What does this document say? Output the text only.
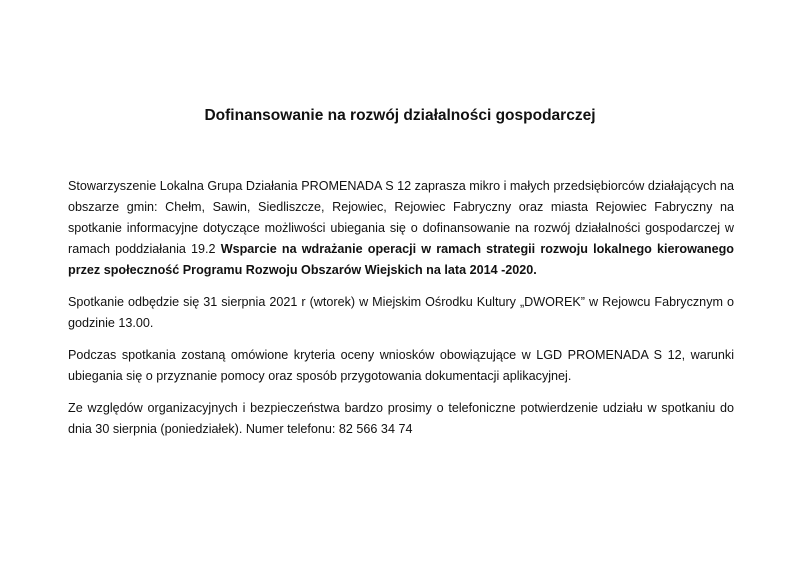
Dofinansowanie na rozwój działalności gospodarczej

Stowarzyszenie Lokalna Grupa Działania PROMENADA S 12 zaprasza mikro i małych przedsiębiorców działających na obszarze gmin: Chełm, Sawin, Siedliszcze, Rejowiec, Rejowiec Fabryczny oraz miasta Rejowiec Fabryczny na spotkanie informacyjne dotyczące możliwości ubiegania się o dofinansowanie na rozwój działalności gospodarczej w ramach poddziałania 19.2 Wsparcie na wdrażanie operacji w ramach strategii rozwoju lokalnego kierowanego przez społeczność Programu Rozwoju Obszarów Wiejskich na lata 2014 -2020.

Spotkanie odbędzie się 31 sierpnia 2021 r (wtorek) w Miejskim Ośrodku Kultury „DWOREK” w Rejowcu Fabrycznym o godzinie 13.00.

Podczas spotkania zostaną omówione kryteria oceny wniosków obowiązujące w LGD PROMENADA S 12, warunki ubiegania się o przyznanie pomocy oraz sposób przygotowania dokumentacji aplikacyjnej.

Ze względów organizacyjnych i bezpieczeństwa bardzo prosimy o telefoniczne potwierdzenie udziału w spotkaniu do dnia 30 sierpnia (poniedziałek). Numer telefonu: 82 566 34 74
